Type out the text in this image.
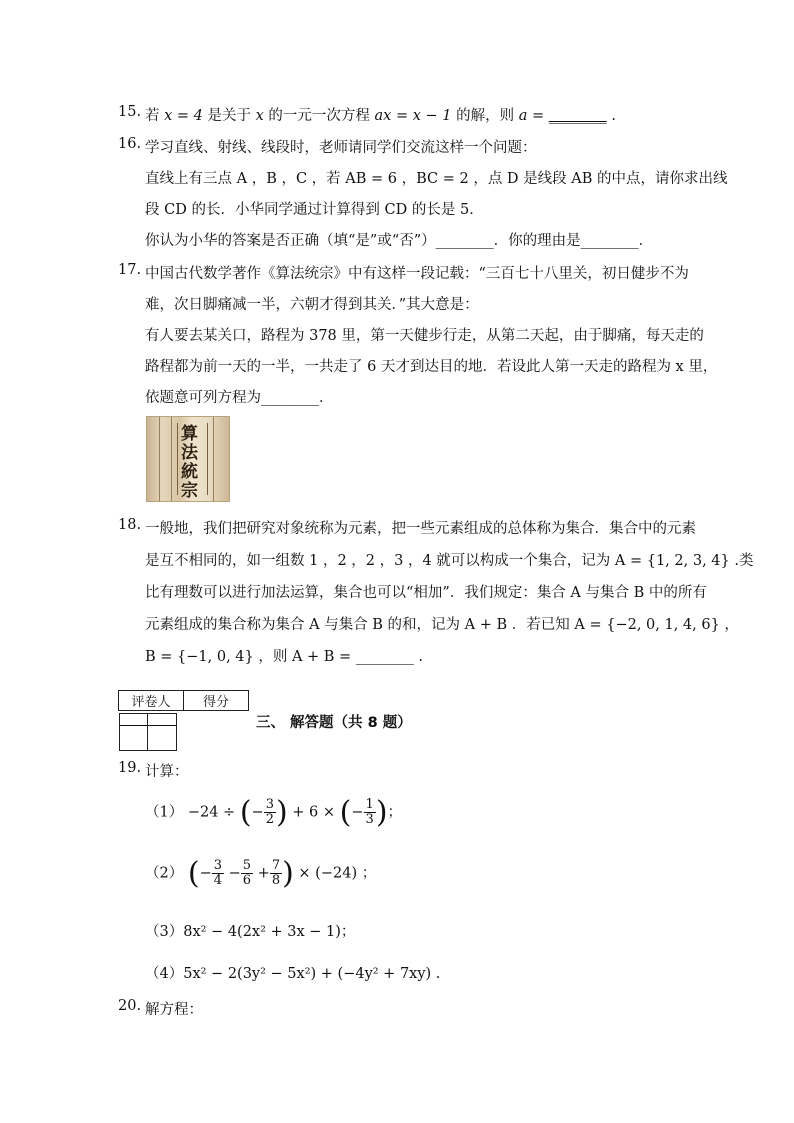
15. 若 x = 4 是关于 x 的一元一次方程 ax = x − 1 的解，则 a = ________ .
16. 学习直线、射线、线段时，老师请同学们交流这样一个问题：
直线上有三点 A ，B ，C ，若 AB = 6 ，BC = 2 ，点 D 是线段 AB 的中点，请你求出线
段 CD 的长．小华同学通过计算得到 CD 的长是 5．
你认为小华的答案是否正确（填“是”或“否”）________．你的理由是________．
17. 中国古代数学著作《算法统宗》中有这样一段记载：“三百七十八里关，初日健步不为
难，次日脚痛减一半，六朝才得到其关．”其大意是：
有人要去某关口，路程为 378 里，第一天健步行走，从第二天起，由于脚痛，每天走的
路程都为前一天的一半，一共走了 6 天才到达目的地．若设此人第一天走的路程为 x 里，
依题意可列方程为________．
算法統宗
18. 一般地，我们把研究对象统称为元素，把一些元素组成的总体称为集合．集合中的元素
是互不相同的，如一组数 1 ，2 ，2 ，3 ，4 就可以构成一个集合，记为 A = {1, 2, 3, 4} .类
比有理数可以进行加法运算，集合也可以“相加”．我们规定：集合 A 与集合 B 中的所有
元素组成的集合称为集合 A 与集合 B 的和，记为 A + B ．若已知 A = {−2, 0, 1, 4, 6} ，
B = {−1, 0, 4} ，则 A + B = ________ .
评卷人	得分

三、 解答题（共 8 题）
19. 计算：
（1） −24 ÷ (− $\frac{3}{2}$ ) + 6 × (− $\frac{1}{3}$ )；
（2） (− $\frac{3}{4} - \frac{5}{6} + \frac{7}{8}$ ) × (−24) ；
（3）8x² − 4(2x² + 3x − 1)；
（4）5x² − 2(3y² − 5x²) + (−4y² + 7xy) .
20. 解方程：
